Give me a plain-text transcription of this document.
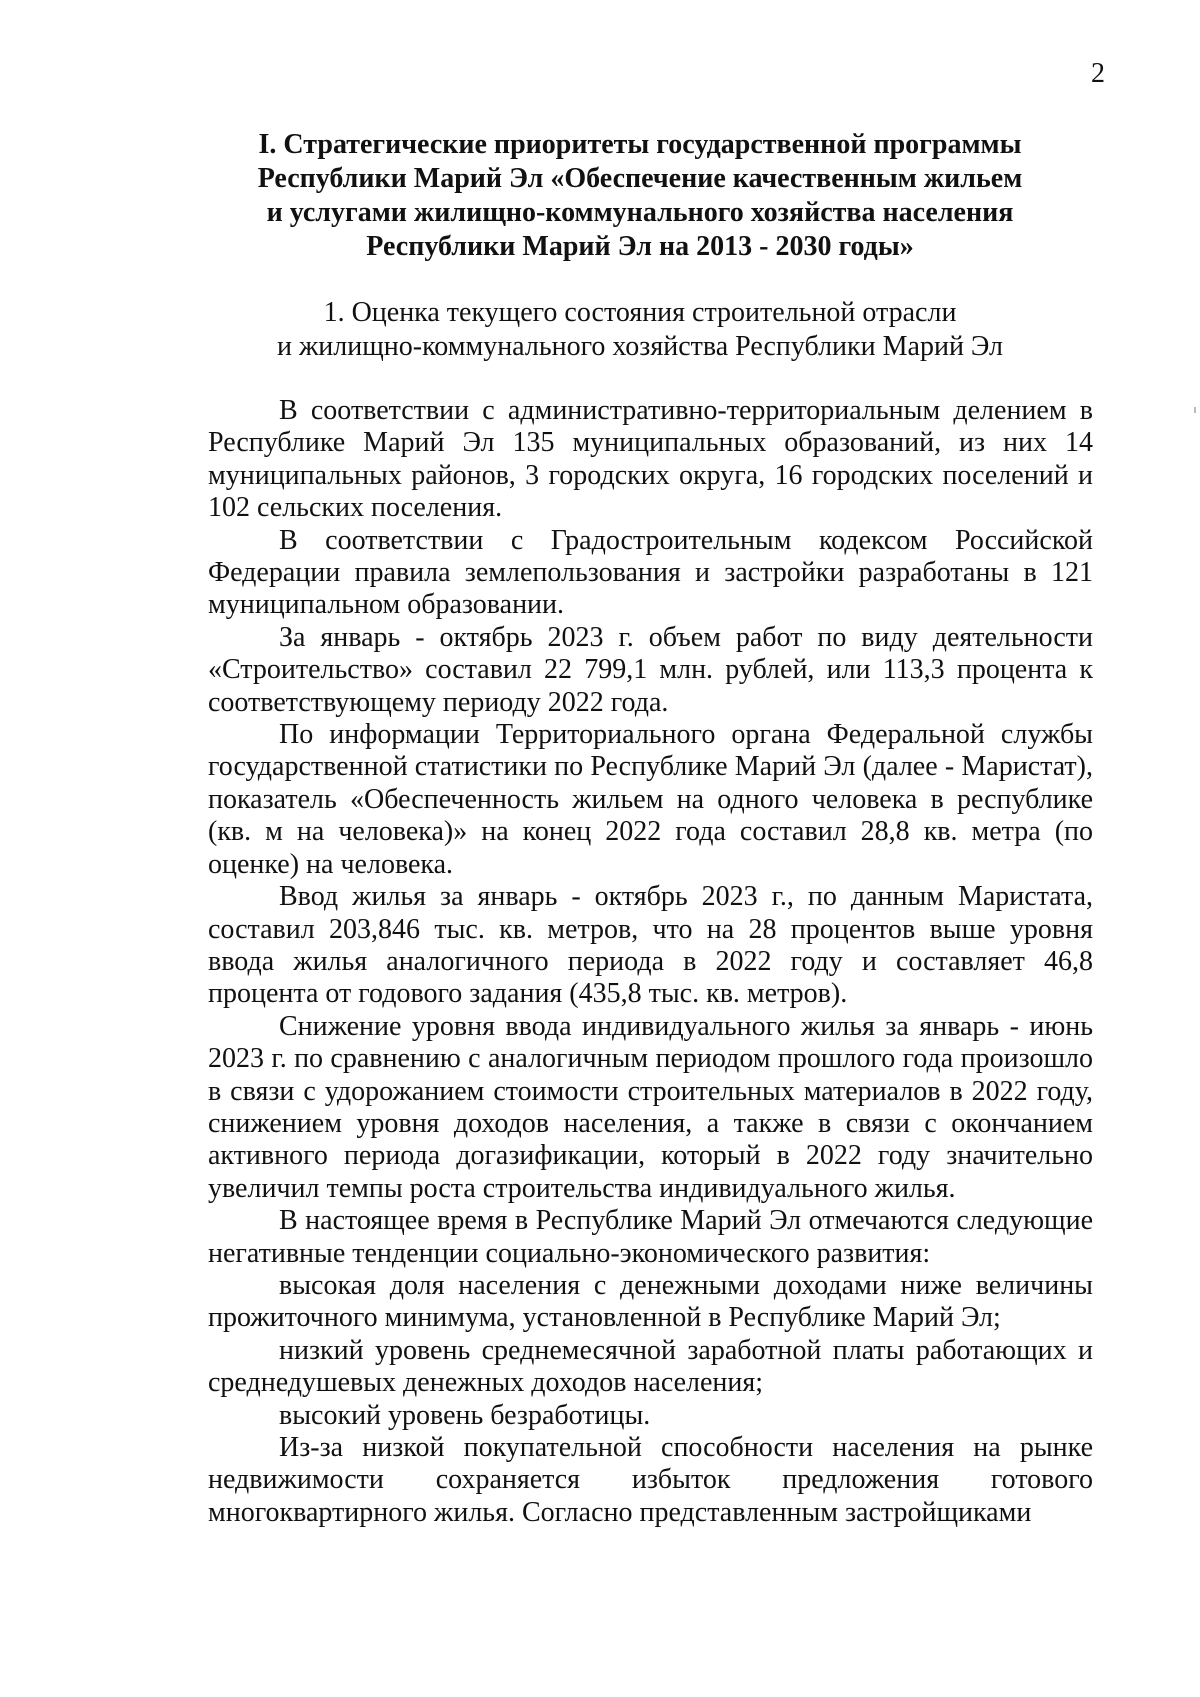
2
I. Стратегические приоритеты государственной программы
Республики Марий Эл «Обеспечение качественным жильем
и услугами жилищно-коммунального хозяйства населения
Республики Марий Эл на 2013 - 2030 годы»
1. Оценка текущего состояния строительной отрасли
и жилищно-коммунального хозяйства Республики Марий Эл

В соответствии с административно-территориальным делением в Республике Марий Эл 135 муниципальных образований, из них 14 муниципальных районов, 3 городских округа, 16 городских поселений и 102 сельских поселения.

В соответствии с Градостроительным кодексом Российской Федерации правила землепользования и застройки разработаны в 121 муниципальном образовании.

За январь - октябрь 2023 г. объем работ по виду деятельности «Строительство» составил 22 799,1 млн. рублей, или 113,3 процента к соответствующему периоду 2022 года.

По информации Территориального органа Федеральной службы государственной статистики по Республике Марий Эл (далее - Маристат), показатель «Обеспеченность жильем на одного человека в республике (кв. м на человека)» на конец 2022 года составил 28,8 кв. метра (по оценке) на человека.

Ввод жилья за январь - октябрь 2023 г., по данным Маристата, составил 203,846 тыс. кв. метров, что на 28 процентов выше уровня ввода жилья аналогичного периода в 2022 году и составляет 46,8 процента от годового задания (435,8 тыс. кв. метров).

Снижение уровня ввода индивидуального жилья за январь - июнь 2023 г. по сравнению с аналогичным периодом прошлого года произошло в связи с удорожанием стоимости строительных материалов в 2022 году, снижением уровня доходов населения, а также в связи с окончанием активного периода догазификации, который в 2022 году значительно увеличил темпы роста строительства индивидуального жилья.

В настоящее время в Республике Марий Эл отмечаются следующие негативные тенденции социально-экономического развития:

высокая доля населения с денежными доходами ниже величины прожиточного минимума, установленной в Республике Марий Эл;

низкий уровень среднемесячной заработной платы работающих и среднедушевых денежных доходов населения;

высокий уровень безработицы.

Из-за низкой покупательной способности населения на рынке недвижимости сохраняется избыток предложения готового многоквартирного жилья. Согласно представленным застройщиками
